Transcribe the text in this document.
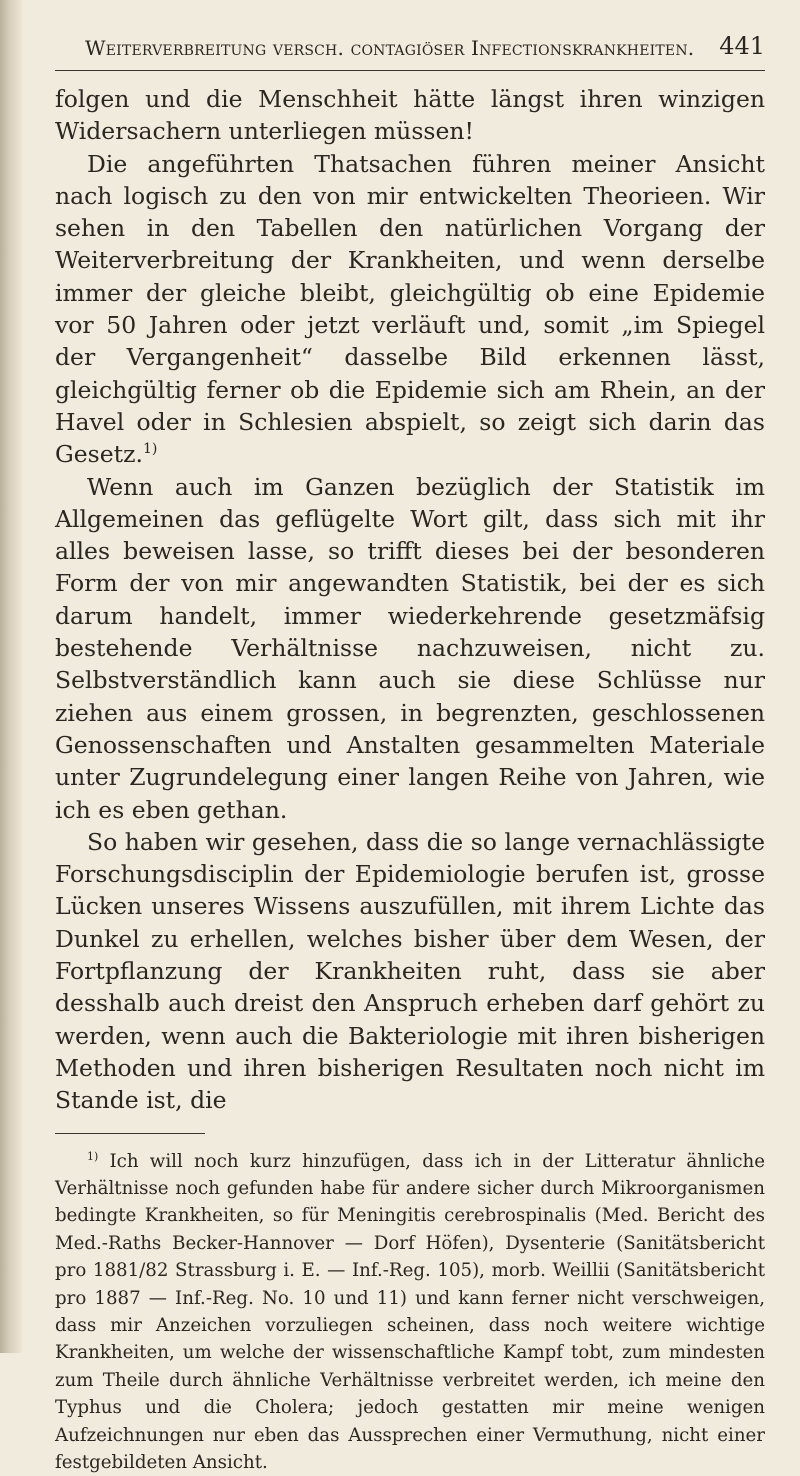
Weiterverbreitung versch. contagiöser Infectionskrankheiten. 441

folgen und die Menschheit hätte längst ihren winzigen Widersachern unterliegen müssen!

Die angeführten Thatsachen führen meiner Ansicht nach logisch zu den von mir entwickelten Theorieen. Wir sehen in den Tabellen den natürlichen Vorgang der Weiterverbreitung der Krankheiten, und wenn derselbe immer der gleiche bleibt, gleichgültig ob eine Epidemie vor 50 Jahren oder jetzt verläuft und, somit „im Spiegel der Vergangenheit“ dasselbe Bild erkennen lässt, gleichgültig ferner ob die Epidemie sich am Rhein, an der Havel oder in Schlesien abspielt, so zeigt sich darin das Gesetz.$^{1)}$

Wenn auch im Ganzen bezüglich der Statistik im Allgemeinen das geflügelte Wort gilt, dass sich mit ihr alles beweisen lasse, so trifft dieses bei der besonderen Form der von mir angewandten Statistik, bei der es sich darum handelt, immer wiederkehrende gesetzmäfsig bestehende Verhältnisse nachzuweisen, nicht zu. Selbstverständlich kann auch sie diese Schlüsse nur ziehen aus einem grossen, in begrenzten, geschlossenen Genossenschaften und Anstalten gesammelten Materiale unter Zugrundelegung einer langen Reihe von Jahren, wie ich es eben gethan.

So haben wir gesehen, dass die so lange vernachlässigte Forschungsdisciplin der Epidemiologie berufen ist, grosse Lücken unseres Wissens auszufüllen, mit ihrem Lichte das Dunkel zu erhellen, welches bisher über dem Wesen, der Fortpflanzung der Krankheiten ruht, dass sie aber desshalb auch dreist den Anspruch erheben darf gehört zu werden, wenn auch die Bakteriologie mit ihren bisherigen Methoden und ihren bisherigen Resultaten noch nicht im Stande ist, die

$^{1)}$ Ich will noch kurz hinzufügen, dass ich in der Litteratur ähnliche Verhältnisse noch gefunden habe für andere sicher durch Mikroorganismen bedingte Krankheiten, so für Meningitis cerebrospinalis (Med. Bericht des Med.-Raths Becker-Hannover — Dorf Höfen), Dysenterie (Sanitätsbericht pro 1881/82 Strassburg i. E. — Inf.-Reg. 105), morb. Weillii (Sanitätsbericht pro 1887 — Inf.-Reg. No. 10 und 11) und kann ferner nicht verschweigen, dass mir Anzeichen vorzuliegen scheinen, dass noch weitere wichtige Krankheiten, um welche der wissenschaftliche Kampf tobt, zum mindesten zum Theile durch ähnliche Verhältnisse verbreitet werden, ich meine den Typhus und die Cholera; jedoch gestatten mir meine wenigen Aufzeichnungen nur eben das Aussprechen einer Vermuthung, nicht einer festgebildeten Ansicht.
